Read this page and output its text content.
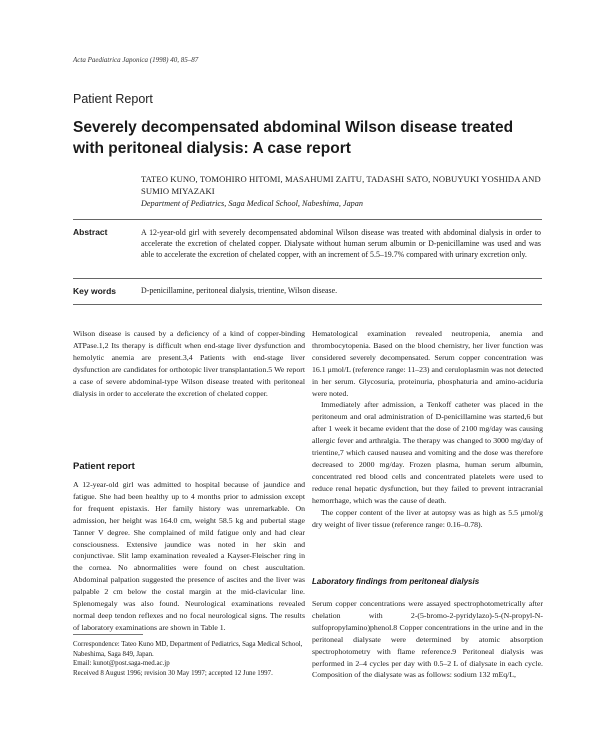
Acta Paediatrica Japonica (1998) 40, 85–87
Patient Report
Severely decompensated abdominal Wilson disease treated with peritoneal dialysis: A case report
TATEO KUNO, TOMOHIRO HITOMI, MASAHUMI ZAITU, TADASHI SATO, NOBUYUKI YOSHIDA AND SUMIO MIYAZAKI
Department of Pediatrics, Saga Medical School, Nabeshima, Japan
Abstract	A 12-year-old girl with severely decompensated abdominal Wilson disease was treated with abdominal dialysis in order to accelerate the excretion of chelated copper. Dialysate without human serum albumin or D-penicillamine was used and was able to accelerate the excretion of chelated copper, with an increment of 5.5–19.7% compared with urinary excretion only.
Key words	D-penicillamine, peritoneal dialysis, trientine, Wilson disease.

Wilson disease is caused by a deficiency of a kind of copper-binding ATPase.1,2 Its therapy is difficult when end-stage liver dysfunction and hemolytic anemia are present.3,4 Patients with end-stage liver dysfunction are candidates for orthotopic liver transplantation.5 We report a case of severe abdominal-type Wilson disease treated with peritoneal dialysis in order to accelerate the excretion of chelated copper.

Patient report

A 12-year-old girl was admitted to hospital because of jaundice and fatigue. She had been healthy up to 4 months prior to admission except for frequent epistaxis. Her family history was unremarkable. On admission, her height was 164.0 cm, weight 58.5 kg and pubertal stage Tanner V degree. She complained of mild fatigue only and had clear consciousness. Extensive jaundice was noted in her skin and conjunctivae. Slit lamp examination revealed a Kayser-Fleischer ring in the cornea. No abnormalities were found on chest auscultation. Abdominal palpation suggested the presence of ascites and the liver was palpable 2 cm below the costal margin at the mid-clavicular line. Splenomegaly was also found. Neurological examinations revealed normal deep tendon reflexes and no focal neurological signs. The results of laboratory examinations are shown in Table 1.

Correspondence: Tateo Kuno MD, Department of Pediatrics, Saga Medical School, Nabeshima, Saga 849, Japan.
Email: kunot@post.saga-med.ac.jp
Received 8 August 1996; revision 30 May 1997; accepted 12 June 1997.

Hematological examination revealed neutropenia, anemia and thrombocytopenia. Based on the blood chemistry, her liver function was considered severely decompensated. Serum copper concentration was 16.1 μmol/L (reference range: 11–23) and ceruloplasmin was not detected in her serum. Glycosuria, proteinuria, phosphaturia and amino-aciduria were noted.

Immediately after admission, a Tenkoff catheter was placed in the peritoneum and oral administration of D-penicillamine was started,6 but after 1 week it became evident that the dose of 2100 mg/day was causing allergic fever and arthralgia. The therapy was changed to 3000 mg/day of trientine,7 which caused nausea and vomiting and the dose was therefore decreased to 2000 mg/day. Frozen plasma, human serum albumin, concentrated red blood cells and concentrated platelets were used to reduce renal hepatic dysfunction, but they failed to prevent intracranial hemorrhage, which was the cause of death.

The copper content of the liver at autopsy was as high as 5.5 μmol/g dry weight of liver tissue (reference range: 0.16–0.78).

Laboratory findings from peritoneal dialysis

Serum copper concentrations were assayed spectrophotometrically after chelation with 2-(5-bromo-2-pyridylazo)-5-(N-propyl-N-sulfopropylamino)phenol.8 Copper concentrations in the urine and in the peritoneal dialysate were determined by atomic absorption spectrophotometry with flame reference.9 Peritoneal dialysis was performed in 2–4 cycles per day with 0.5–2 L of dialysate in each cycle. Composition of the dialysate was as follows: sodium 132 mEq/L,
